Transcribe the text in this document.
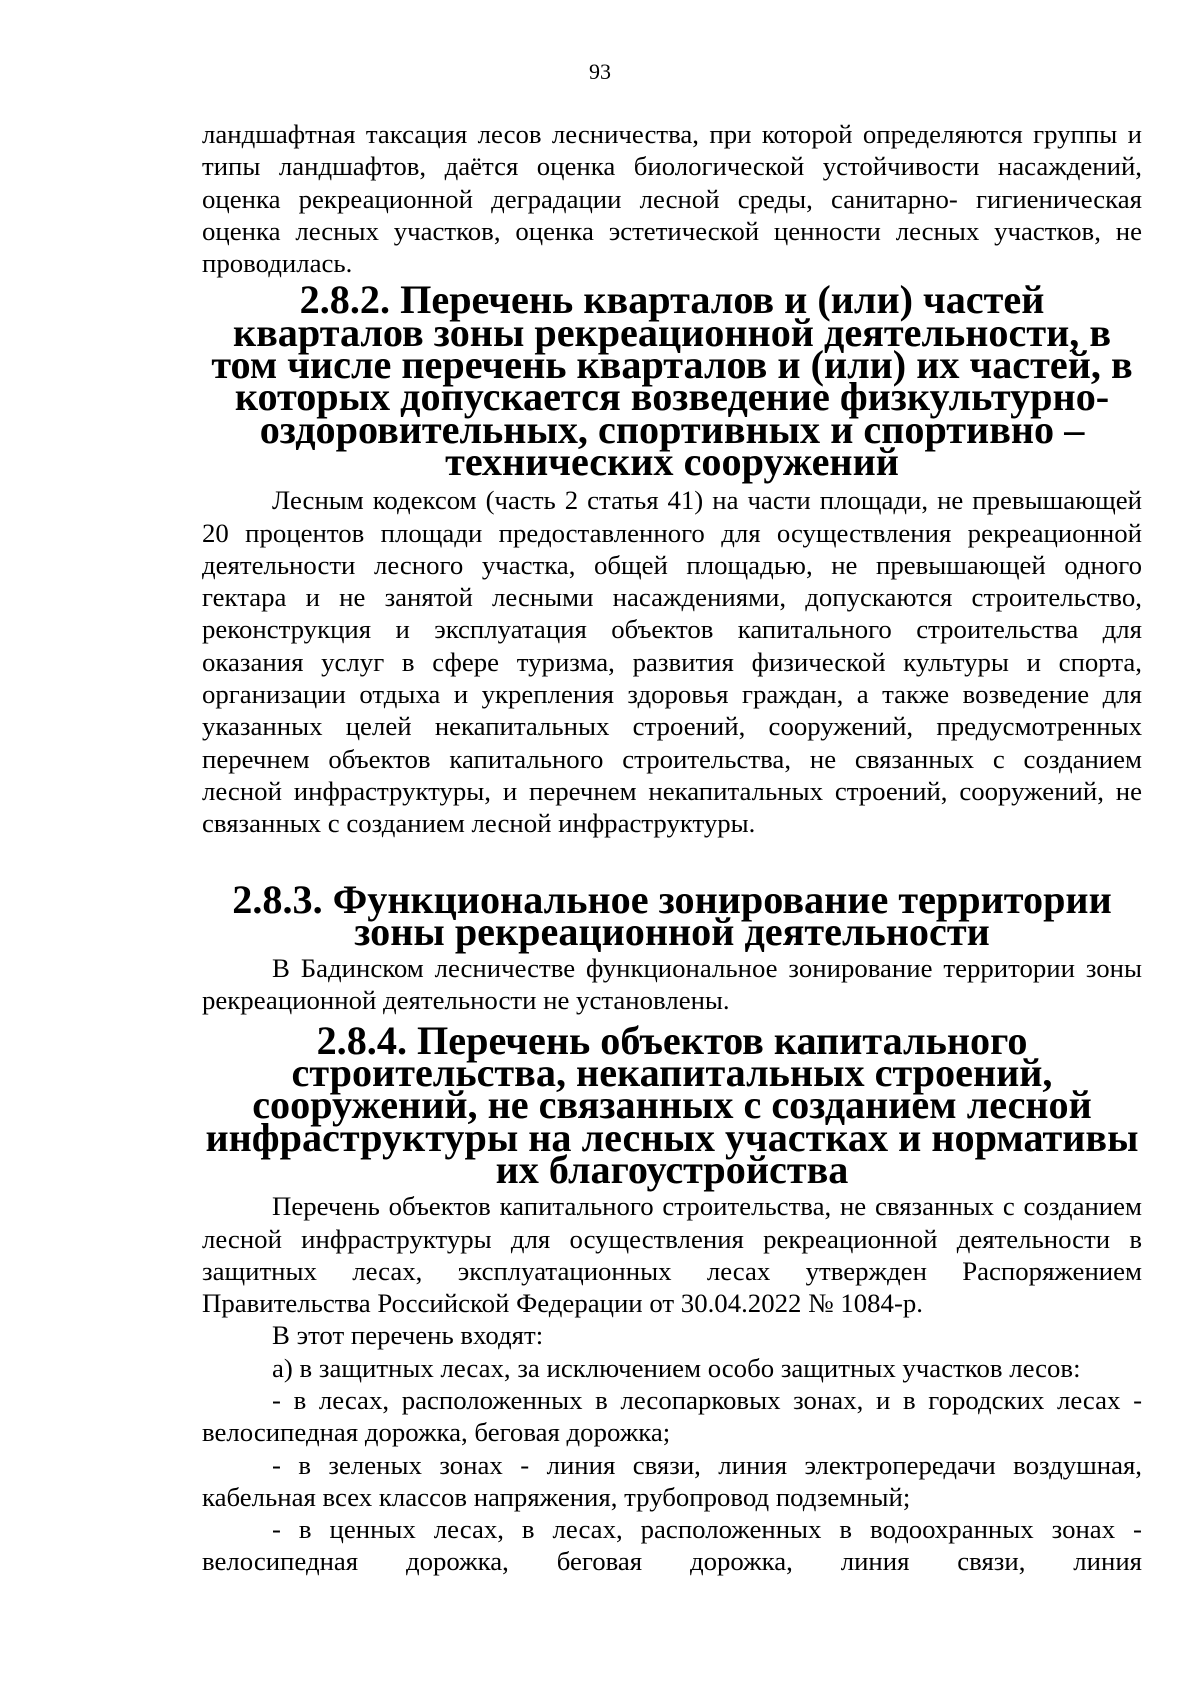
93

ландшафтная таксация лесов лесничества, при которой определяются группы и типы ландшафтов, даётся оценка биологической устойчивости насаждений, оценка рекреационной деградации лесной среды, санитарно- гигиеническая оценка лесных участков, оценка эстетической ценности лесных участков, не проводилась.

2.8.2. Перечень кварталов и (или) частей кварталов зоны рекреационной деятельности, в том числе перечень кварталов и (или) их частей, в которых допускается возведение физкультурно-оздоровительных, спортивных и спортивно – технических сооружений

Лесным кодексом (часть 2 статья 41) на части площади, не превышающей 20 процентов площади предоставленного для осуществления рекреационной деятельности лесного участка, общей площадью, не превышающей одного гектара и не занятой лесными насаждениями, допускаются строительство, реконструкция и эксплуатация объектов капитального строительства для оказания услуг в сфере туризма, развития физической культуры и спорта, организации отдыха и укрепления здоровья граждан, а также возведение для указанных целей некапитальных строений, сооружений, предусмотренных перечнем объектов капитального строительства, не связанных с созданием лесной инфраструктуры, и перечнем некапитальных строений, сооружений, не связанных с созданием лесной инфраструктуры.

2.8.3. Функциональное зонирование территории зоны рекреационной деятельности

В Бадинском лесничестве функциональное зонирование территории зоны рекреационной деятельности не установлены.

2.8.4. Перечень объектов капитального строительства, некапитальных строений, сооружений, не связанных с созданием лесной инфраструктуры на лесных участках и нормативы их благоустройства

Перечень объектов капитального строительства, не связанных с созданием лесной инфраструктуры для осуществления рекреационной деятельности в защитных лесах, эксплуатационных лесах утвержден Распоряжением Правительства Российской Федерации от 30.04.2022 № 1084-р.

В этот перечень входят:

а) в защитных лесах, за исключением особо защитных участков лесов:

- в лесах, расположенных в лесопарковых зонах, и в городских лесах - велосипедная дорожка, беговая дорожка;

- в зеленых зонах - линия связи, линия электропередачи воздушная, кабельная всех классов напряжения, трубопровод подземный;

- в ценных лесах, в лесах, расположенных в водоохранных зонах - велосипедная дорожка, беговая дорожка, линия связи, линия
